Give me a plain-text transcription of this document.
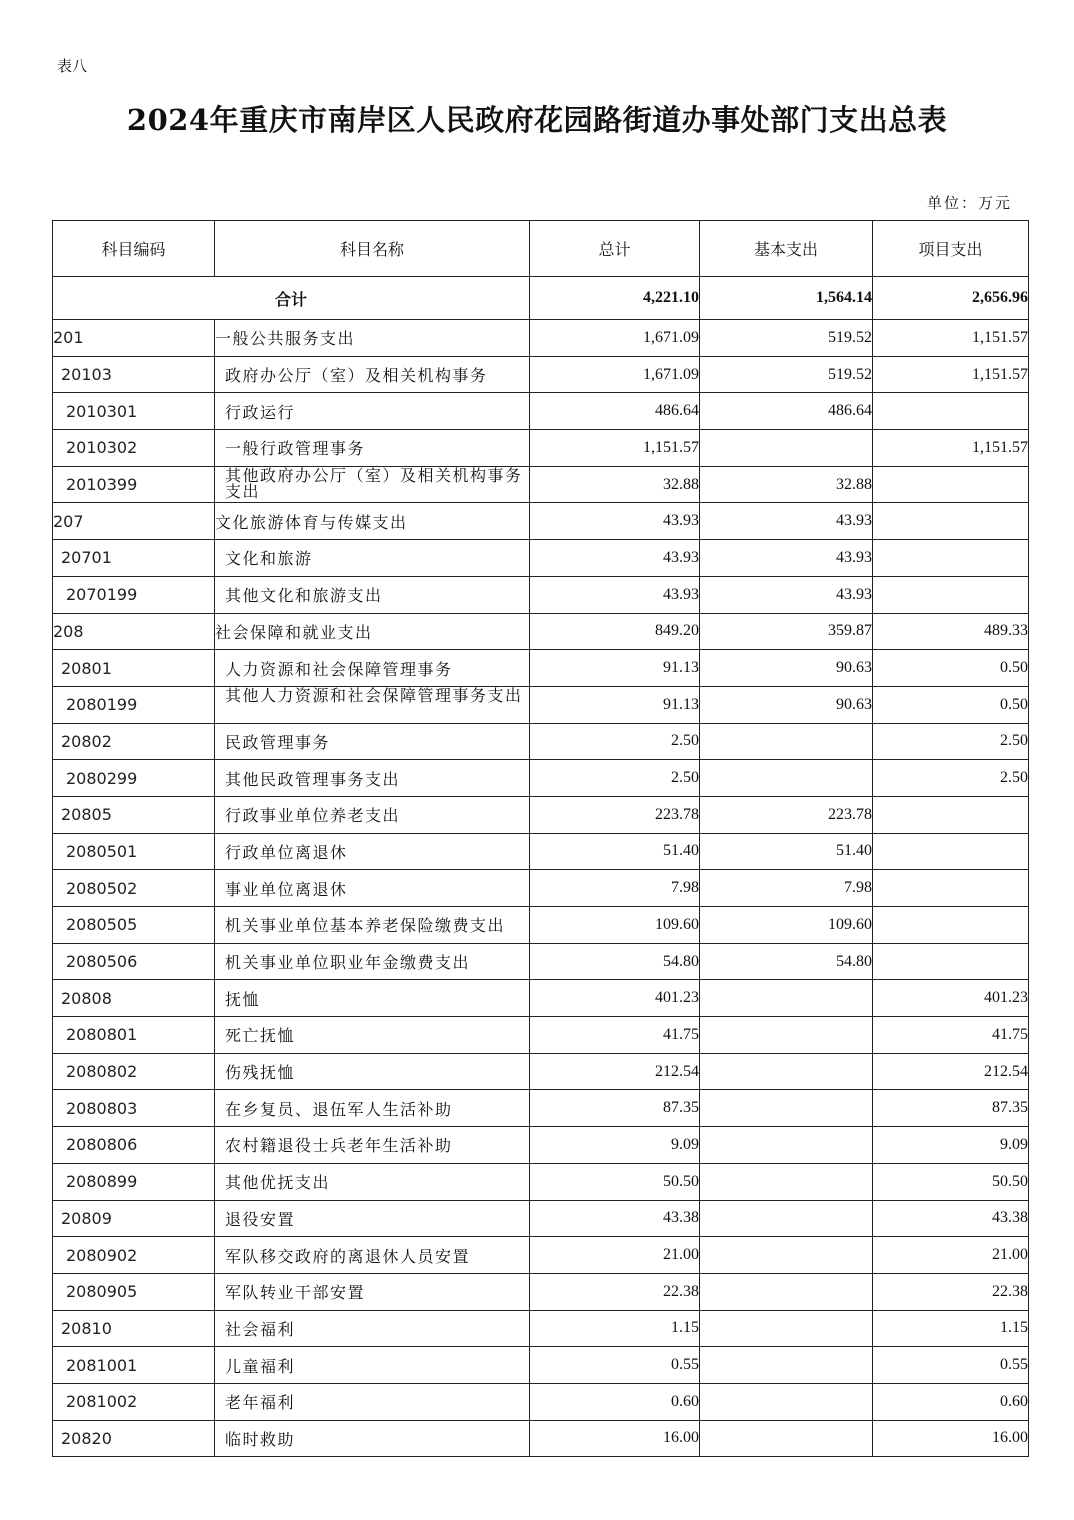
表八
2024年重庆市南岸区人民政府花园路街道办事处部门支出总表
单位：万元
科目编码	科目名称	总计	基本支出	项目支出
合计		4,221.10	1,564.14	2,656.96
201	一般公共服务支出	1,671.09	519.52	1,151.57
20103	政府办公厅（室）及相关机构事务	1,671.09	519.52	1,151.57
2010301	行政运行	486.64	486.64	
2010302	一般行政管理事务	1,151.57		1,151.57
2010399	其他政府办公厅（室）及相关机构事务支出	32.88	32.88	
207	文化旅游体育与传媒支出	43.93	43.93	
20701	文化和旅游	43.93	43.93	
2070199	其他文化和旅游支出	43.93	43.93	
208	社会保障和就业支出	849.20	359.87	489.33
20801	人力资源和社会保障管理事务	91.13	90.63	0.50
2080199	其他人力资源和社会保障管理事务支出	91.13	90.63	0.50
20802	民政管理事务	2.50		2.50
2080299	其他民政管理事务支出	2.50		2.50
20805	行政事业单位养老支出	223.78	223.78	
2080501	行政单位离退休	51.40	51.40	
2080502	事业单位离退休	7.98	7.98	
2080505	机关事业单位基本养老保险缴费支出	109.60	109.60	
2080506	机关事业单位职业年金缴费支出	54.80	54.80	
20808	抚恤	401.23		401.23
2080801	死亡抚恤	41.75		41.75
2080802	伤残抚恤	212.54		212.54
2080803	在乡复员、退伍军人生活补助	87.35		87.35
2080806	农村籍退役士兵老年生活补助	9.09		9.09
2080899	其他优抚支出	50.50		50.50
20809	退役安置	43.38		43.38
2080902	军队移交政府的离退休人员安置	21.00		21.00
2080905	军队转业干部安置	22.38		22.38
20810	社会福利	1.15		1.15
2081001	儿童福利	0.55		0.55
2081002	老年福利	0.60		0.60
20820	临时救助	16.00		16.00
